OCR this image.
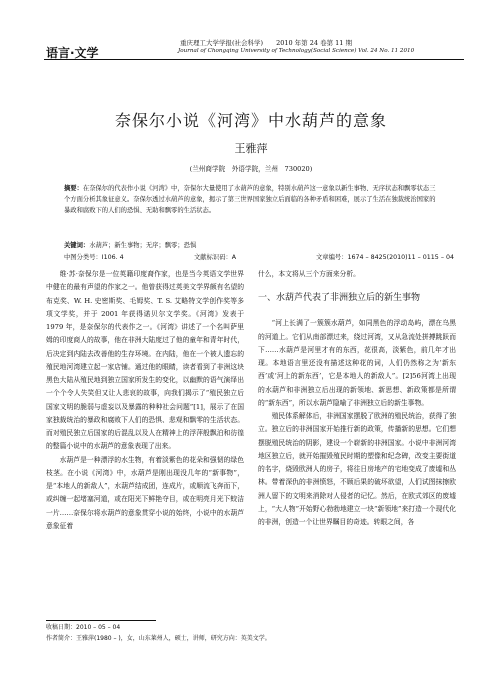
语言·文学
重庆理工大学学报(社会科学)　　2010 年第 24 卷第 11 期
Journal of Chongqing University of Technology(Social Science) Vol. 24 No. 11 2010
奈保尔小说《河湾》中水葫芦的意象
王雅萍
(兰州商学院　外语学院，兰州　730020)
摘要：在奈保尔的代表作小说《河湾》中，奈保尔大量使用了水葫芦的意象，特别水葫芦这一意象以新生事物、无序状态和飘零状态三个方面分析其象征意义。奈保尔透过水葫芦的意象，揭示了第三世界国家独立后面临的各种矛盾和困难，展示了生活在独裁统治国家的暴政和腐败下的人们的恐惧、无助和飘零的生活状态。
关键词：水葫芦；新生事物；无序；飘零；恐惧
中图分类号：I106. 4	文献标识码：A	文章编号：1674 – 8425(2010)11 – 0115 – 04

维·苏·奈保尔是一位英籍印度裔作家，也是当今英语文学世界中健在的最有声望的作家之一。他曾获得过英美文学界颇有名望的布克奖、W. H. 史密斯奖、毛姆奖、T. S. 艾略特文学创作奖等多项文学奖，并于 2001 年获得诺贝尔文学奖。《河湾》发表于 1979 年，是奈保尔的代表作之一。《河湾》讲述了一个名叫萨里姆的印度商人的故事，他在非洲大陆度过了他的童年和青年时代，后决定到内陆去改善他的生存环境。在内陆，他在一个被人遗忘的殖民地河湾建立起一家店铺。通过他的眼睛，读者看到了非洲这块黑色大陆从殖民地到独立国家所发生的变化，以幽默的语气演绎出一个个令人失笑但又让人悲哀的故事，向我们揭示了“殖民独立后国家文明的脆弱与虚妄以及暴露的种种社会问题”[1]，展示了在国家独裁统治的暴政和腐败下人们的恐惧、悲观和飘零的生活状态。而对殖民独立后国家的后混乱以及人在精神上的浮萍般飘泊和彷徨的整篇小说中的水葫芦的意象表现了出来。

水葫芦是一种漂浮的水生物，有着淡紫色的花朵和强韧的绿色枝茎。在小说《河湾》中，水葫芦是刚出现没几年的“新事物”，是“本地人的新敌人”，水葫芦结成团，连成片，或顺流飞奔而下，或纠缠一起堵塞河道，或在阳光下鲜艳夺目，或在明亮月光下蛟洁一片……奈保尔将水葫芦的意象贯穿小说的始终，小说中的水葫芦意象征着

什么，本文将从三个方面来分析。

一、水葫芦代表了非洲独立后的新生事物

“河上长满了一簇簇水葫芦，如同黑色的浮动岛屿，漂在乌黑的河道上。它们从南部漂过来，绕过河湾，又从急流处拼搏跳跃而下……水葫芦是河里才有的东西，花很高，淡紫色，前几年才出现。本地语言里还没有描述这种花的词，人们仍然称之为‘新东西’或‘河上的新东西’，它是本地人的新敌人”。[2]56河湾上出现的水葫芦和非洲独立后出现的新领地、新思想、新政策都是所谓的“新东西”，所以水葫芦隐喻了非洲独立后的新生事物。

殖民体系解体后，非洲国家摆脱了欧洲的殖民统治，获得了独立。独立后的非洲国家开始推行新的政策，传播新的思想。它们想摆脱殖民统治的阴影，建设一个崭新的非洲国家。小说中非洲河湾地区独立后，就开始摧毁殖民时期的塑像和纪念碑，改变主要街道的名字，烧毁欧洲人的房子，将往日房地产的宅地变成了废墟和丛林。带着深仇的非洲愤怒，不顾后果的破坏欲望，人们试图抹擦欧洲人留下的文明来消除对人侵者的记忆。然后，在欧式郊区的废墟上，“大人物”开始野心勃勃地建立一块“新领地”来打造一个现代化的非洲，创造一个让世界瞩目的奇迹。转眼之间，各

收稿日期：2010 – 05 – 04
作者简介：王雅萍(1980 – )，女，山东莱州人，硕士，讲师，研究方向：英美文学。
